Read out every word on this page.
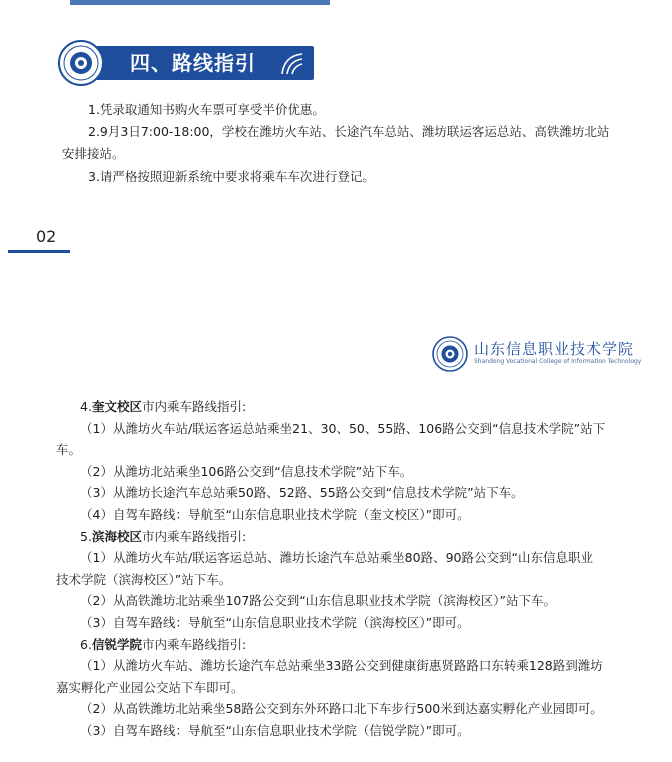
四、路线指引
1.凭录取通知书购火车票可享受半价优惠。
2.9月3日7:00-18:00，学校在潍坊火车站、长途汽车总站、潍坊联运客运总站、高铁潍坊北站
安排接站。
3.请严格按照迎新系统中要求将乘车车次进行登记。
02
山东信息职业技术学院
Shandong Vocational College of Information Technology
4.奎文校区市内乘车路线指引:
（1）从潍坊火车站/联运客运总站乘坐21、30、50、55路、106路公交到“信息技术学院”站下
车。
（2）从潍坊北站乘坐106路公交到“信息技术学院”站下车。
（3）从潍坊长途汽车总站乘50路、52路、55路公交到“信息技术学院”站下车。
（4）自驾车路线：导航至“山东信息职业技术学院（奎文校区）”即可。
5.滨海校区市内乘车路线指引:
（1）从潍坊火车站/联运客运总站、潍坊长途汽车总站乘坐80路、90路公交到“山东信息职业
技术学院（滨海校区）”站下车。
（2）从高铁潍坊北站乘坐107路公交到“山东信息职业技术学院（滨海校区）”站下车。
（3）自驾车路线：导航至“山东信息职业技术学院（滨海校区）”即可。
6.信锐学院市内乘车路线指引:
（1）从潍坊火车站、潍坊长途汽车总站乘坐33路公交到健康街惠贤路路口东转乘128路到潍坊
嘉实孵化产业园公交站下车即可。
（2）从高铁潍坊北站乘坐58路公交到东外环路口北下车步行500米到达嘉实孵化产业园即可。
（3）自驾车路线：导航至“山东信息职业技术学院（信锐学院）”即可。
